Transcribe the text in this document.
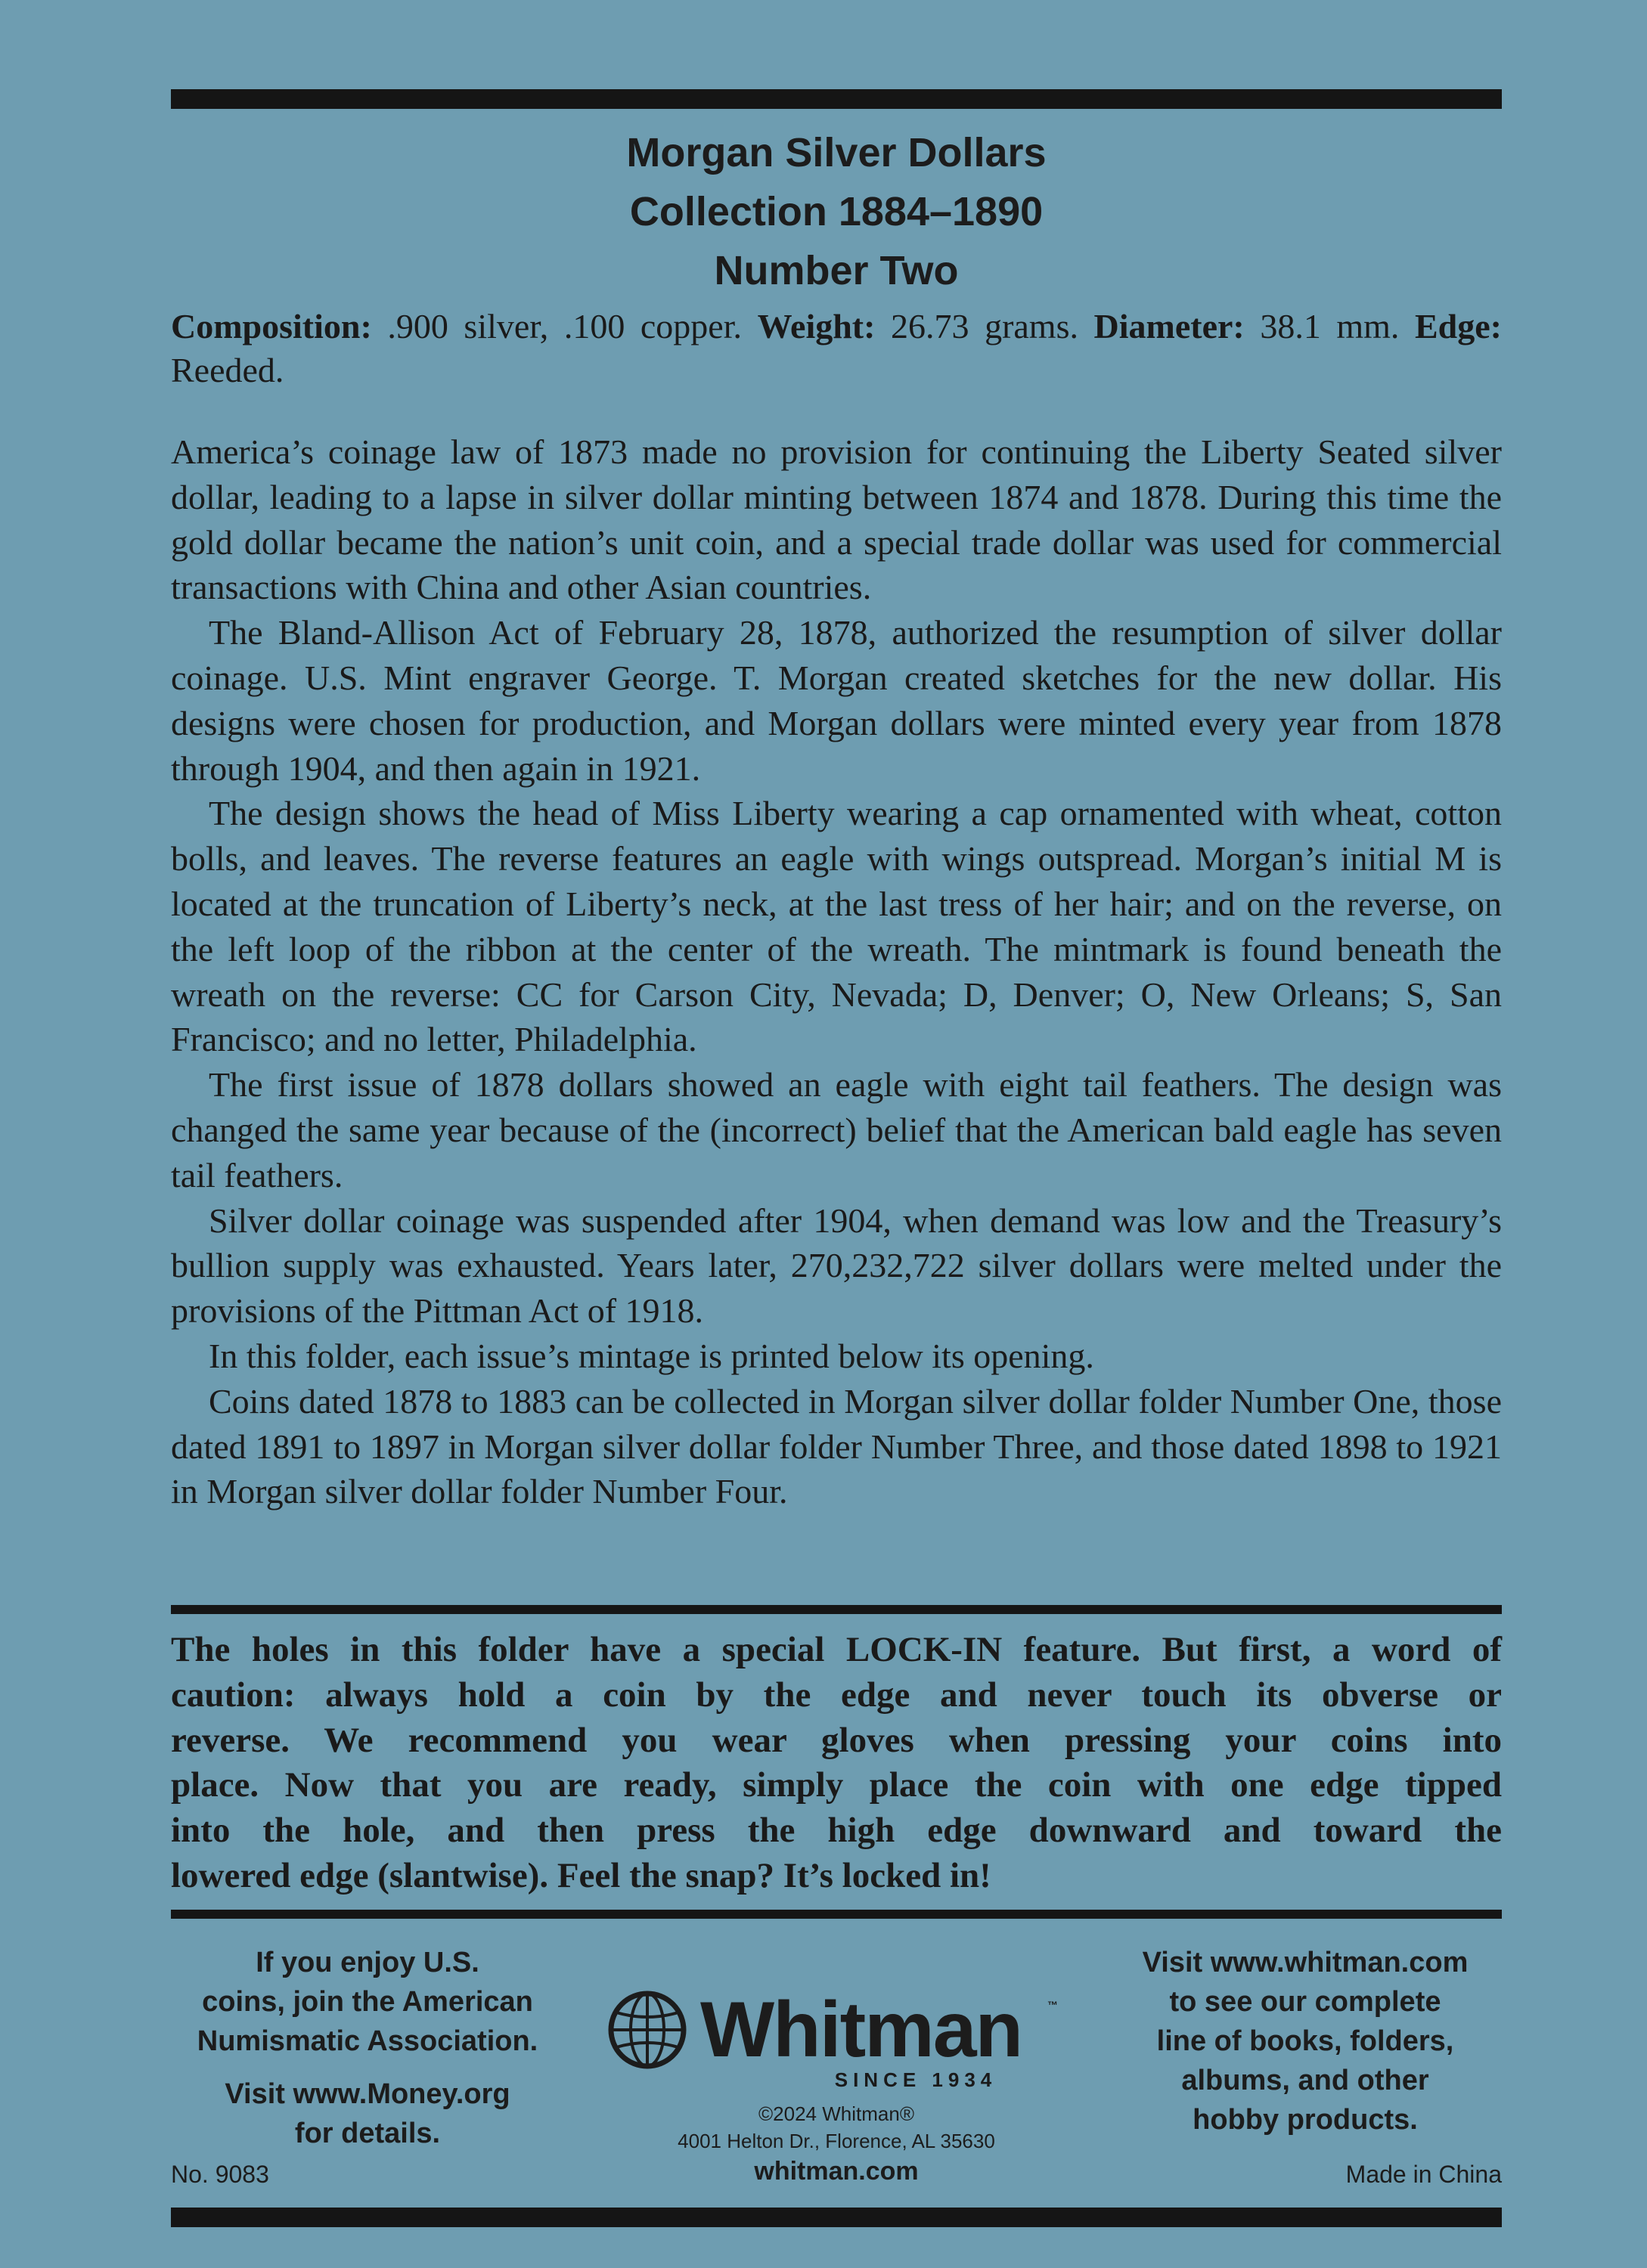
Morgan Silver Dollars
Collection 1884–1890
Number Two
Composition: .900 silver, .100 copper. Weight: 26.73 grams. Diameter: 38.1 mm. Edge: Reeded.

America’s coinage law of 1873 made no provision for continuing the Liberty Seated silver dollar, leading to a lapse in silver dollar minting between 1874 and 1878. During this time the gold dollar became the nation’s unit coin, and a special trade dollar was used for commercial transactions with China and other Asian countries.

The Bland-Allison Act of February 28, 1878, authorized the resumption of silver dollar coinage. U.S. Mint engraver George. T. Morgan created sketches for the new dollar. His designs were chosen for production, and Morgan dollars were minted every year from 1878 through 1904, and then again in 1921.

The design shows the head of Miss Liberty wearing a cap ornamented with wheat, cotton bolls, and leaves. The reverse features an eagle with wings outspread. Morgan’s initial M is located at the truncation of Liberty’s neck, at the last tress of her hair; and on the reverse, on the left loop of the ribbon at the center of the wreath. The mintmark is found beneath the wreath on the reverse: CC for Carson City, Nevada; D, Denver; O, New Orleans; S, San Francisco; and no letter, Philadelphia.

The first issue of 1878 dollars showed an eagle with eight tail feathers. The design was changed the same year because of the (incorrect) belief that the American bald eagle has seven tail feathers.

Silver dollar coinage was suspended after 1904, when demand was low and the Treasury’s bullion supply was exhausted. Years later, 270,232,722 silver dollars were melted under the provisions of the Pittman Act of 1918.

In this folder, each issue’s mintage is printed below its opening.

Coins dated 1878 to 1883 can be collected in Morgan silver dollar folder Number One, those dated 1891 to 1897 in Morgan silver dollar folder Number Three, and those dated 1898 to 1921 in Morgan silver dollar folder Number Four.

The holes in this folder have a special LOCK-IN feature. But first, a word of
caution: always hold a coin by the edge and never touch its obverse or
reverse. We recommend you wear gloves when pressing your coins into
place. Now that you are ready, simply place the coin with one edge tipped
into the hole, and then press the high edge downward and toward the
lowered edge (slantwise). Feel the snap? It’s locked in!
If you enjoy U.S.
coins, join the American
Numismatic Association.
Visit www.Money.org
for details.
Whitman ™
Visit www.whitman.com
to see our complete
line of books, folders,
albums, and other
hobby products.
SINCE 1934
©2024 Whitman®
4001 Helton Dr., Florence, AL 35630
whitman.com
No. 9083	Made in China
